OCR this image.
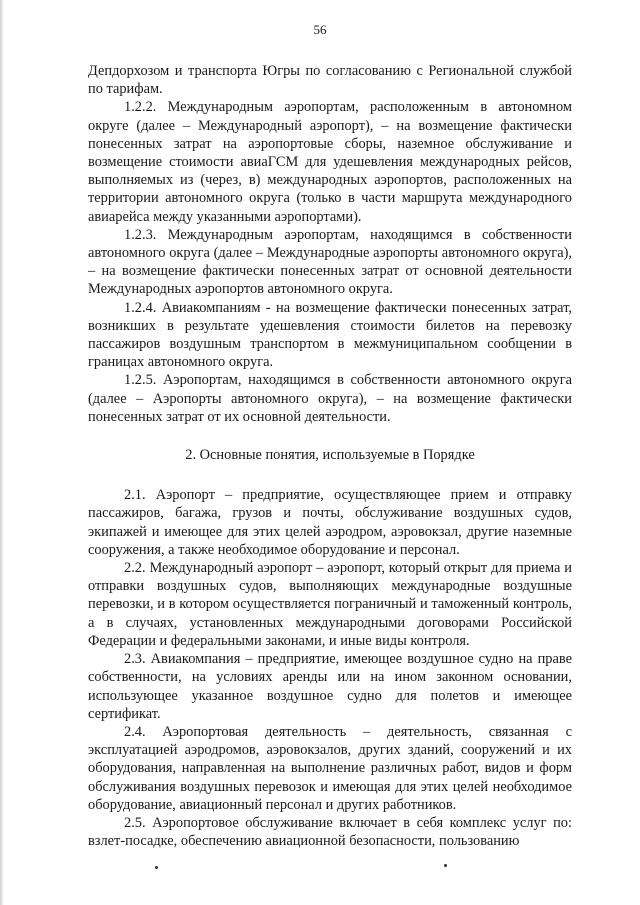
56

Депдорхозом и транспорта Югры по согласованию с Региональной службой по тарифам.

1.2.2. Международным аэропортам, расположенным в автономном округе (далее – Международный аэропорт), – на возмещение фактически понесенных затрат на аэропортовые сборы, наземное обслуживание и возмещение стоимости авиаГСМ для удешевления международных рейсов, выполняемых из (через, в) международных аэропортов, расположенных на территории автономного округа (только в части маршрута международного авиарейса между указанными аэропортами).

1.2.3. Международным аэропортам, находящимся в собственности автономного округа (далее – Международные аэропорты автономного округа), – на возмещение фактически понесенных затрат от основной деятельности Международных аэропортов автономного округа.

1.2.4. Авиакомпаниям - на возмещение фактически понесенных затрат, возникших в результате удешевления стоимости билетов на перевозку пассажиров воздушным транспортом в межмуниципальном сообщении в границах автономного округа.

1.2.5. Аэропортам, находящимся в собственности автономного округа (далее – Аэропорты автономного округа), – на возмещение фактически понесенных затрат от их основной деятельности.

2. Основные понятия, используемые в Порядке

2.1. Аэропорт – предприятие, осуществляющее прием и отправку пассажиров, багажа, грузов и почты, обслуживание воздушных судов, экипажей и имеющее для этих целей аэродром, аэровокзал, другие наземные сооружения, а также необходимое оборудование и персонал.

2.2. Международный аэропорт – аэропорт, который открыт для приема и отправки воздушных судов, выполняющих международные воздушные перевозки, и в котором осуществляется пограничный и таможенный контроль, а в случаях, установленных международными договорами Российской Федерации и федеральными законами, и иные виды контроля.

2.3. Авиакомпания – предприятие, имеющее воздушное судно на праве собственности, на условиях аренды или на ином законном основании, использующее указанное воздушное судно для полетов и имеющее сертификат.

2.4. Аэропортовая деятельность – деятельность, связанная с эксплуатацией аэродромов, аэровокзалов, других зданий, сооружений и их оборудования, направленная на выполнение различных работ, видов и форм обслуживания воздушных перевозок и имеющая для этих целей необходимое оборудование, авиационный персонал и других работников.

2.5. Аэропортовое обслуживание включает в себя комплекс услуг по: взлет-посадке, обеспечению авиационной безопасности, пользованию
